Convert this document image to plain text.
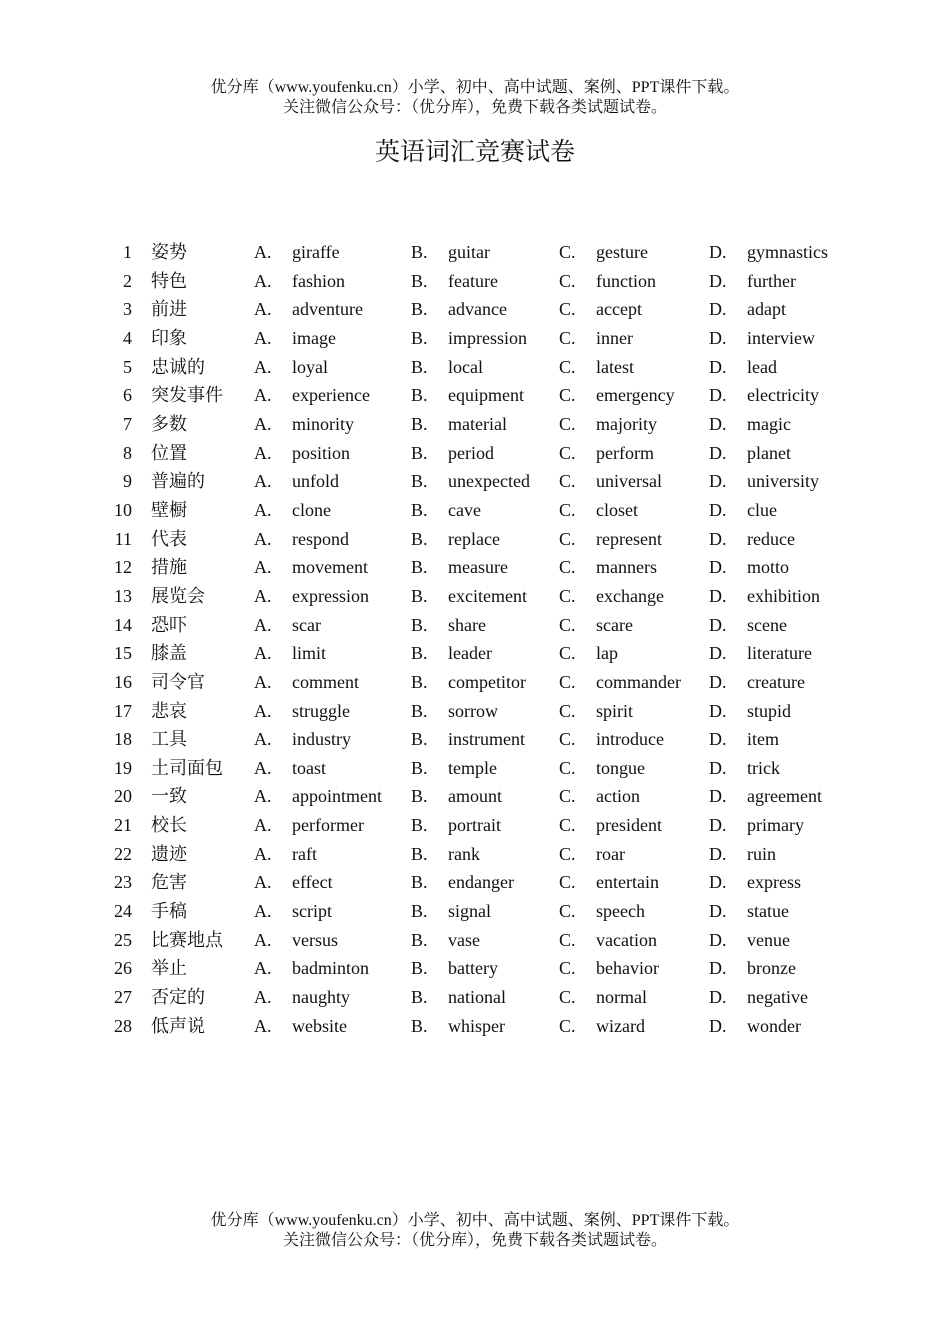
优分库（www.youfenku.cn）小学、初中、高中试题、案例、PPT课件下载。
关注微信公众号：（优分库），免费下载各类试题试卷。
英语词汇竞赛试卷
1 姿势	A. giraffe	B. guitar	C. gesture	D. gymnastics
2 特色	A. fashion	B. feature	C. function	D. further
3 前进	A. adventure	B. advance	C. accept	D. adapt
4 印象	A. image	B. impression C. inner	D. interview
5 忠诚的	A. loyal	B. local	C. latest	D. lead
6 突发事件 A. experience B. equipment C. emergency D. electricity
7 多数	A. minority	B. material	C. majority	D. magic
8 位置	A. position	B. period	C. perform	D. planet
9 普遍的	A. unfold	B. unexpected C. universal	D. university
10 壁橱	A. clone	B. cave	C. closet	D. clue
11 代表	A. respond	B. replace	C. represent	D. reduce
12 措施	A. movement B. measure	C. manners	D. motto
13 展览会	A. expression B. excitement C. exchange	D. exhibition
14 恐吓	A. scar	B. share	C. scare	D. scene
15 膝盖	A. limit	B. leader	C. lap	D. literature
16 司令官	A. comment	B. competitor C. commander D. creature
17 悲哀	A. struggle	B. sorrow	C. spirit	D. stupid
18 工具	A. industry	B. instrument C. introduce	D. item
19 土司面包 A. toast	B. temple	C. tongue	D. trick
20 一致	A. appointment B. amount	C. action	D. agreement
21 校长	A. performer	B. portrait	C. president	D. primary
22 遗迹	A. raft	B. rank	C. roar	D. ruin
23 危害	A. effect	B. endanger	C. entertain	D. express
24 手稿	A. script	B. signal	C. speech	D. statue
25 比赛地点 A. versus	B. vase	C. vacation	D. venue
26 举止	A. badminton B. battery	C. behavior	D. bronze
27 否定的	A. naughty	B. national	C. normal	D. negative
28 低声说	A. website	B. whisper	C. wizard	D. wonder
优分库（www.youfenku.cn）小学、初中、高中试题、案例、PPT课件下载。
关注微信公众号：（优分库），免费下载各类试题试卷。
